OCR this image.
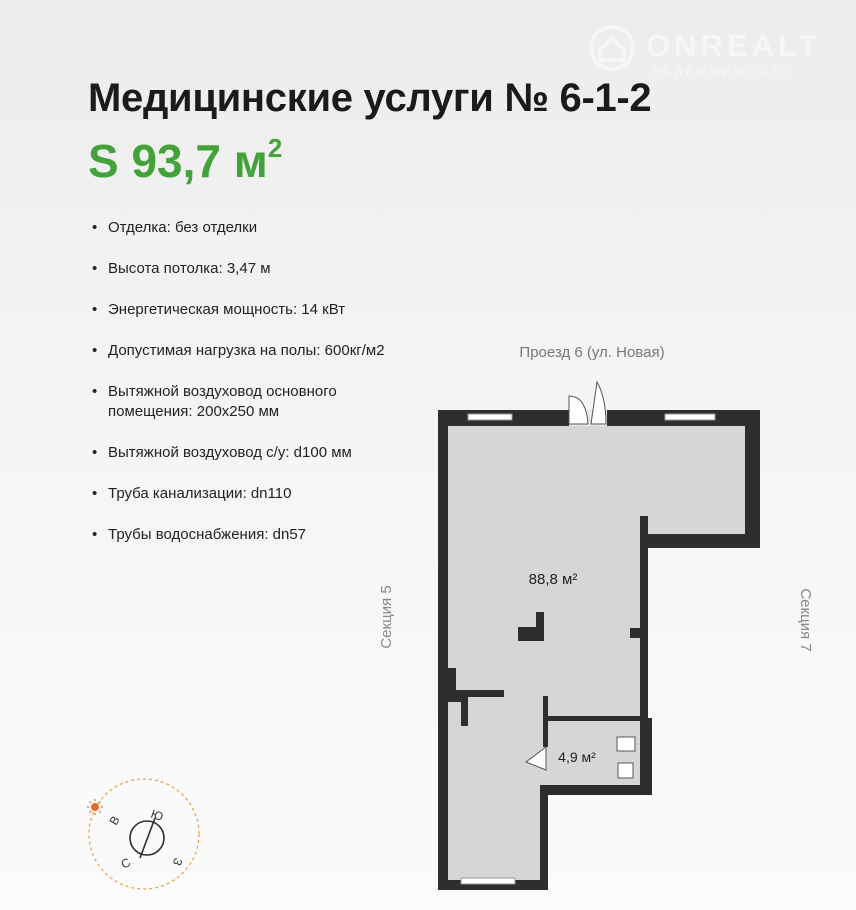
ONREALT
НЕДВИЖИМОСТЬ
Медицинские услуги № 6-1-2
S 93,7 $м^2$
• Отделка: без отделки
• Высота потолка: 3,47 м
• Энергетическая мощность: 14 кВт
• Допустимая нагрузка на полы: 600кг/м2
• Вытяжной воздуховод основного помещения: 200x250 мм
• Вытяжной воздуховод с/у: d100 мм
• Труба канализации: dn110
• Трубы водоснабжения: dn57
Проезд 6 (ул. Новая)
Секция 5	Секция 7
88,8 м²
4,9 м²
С
Ю
В
З
